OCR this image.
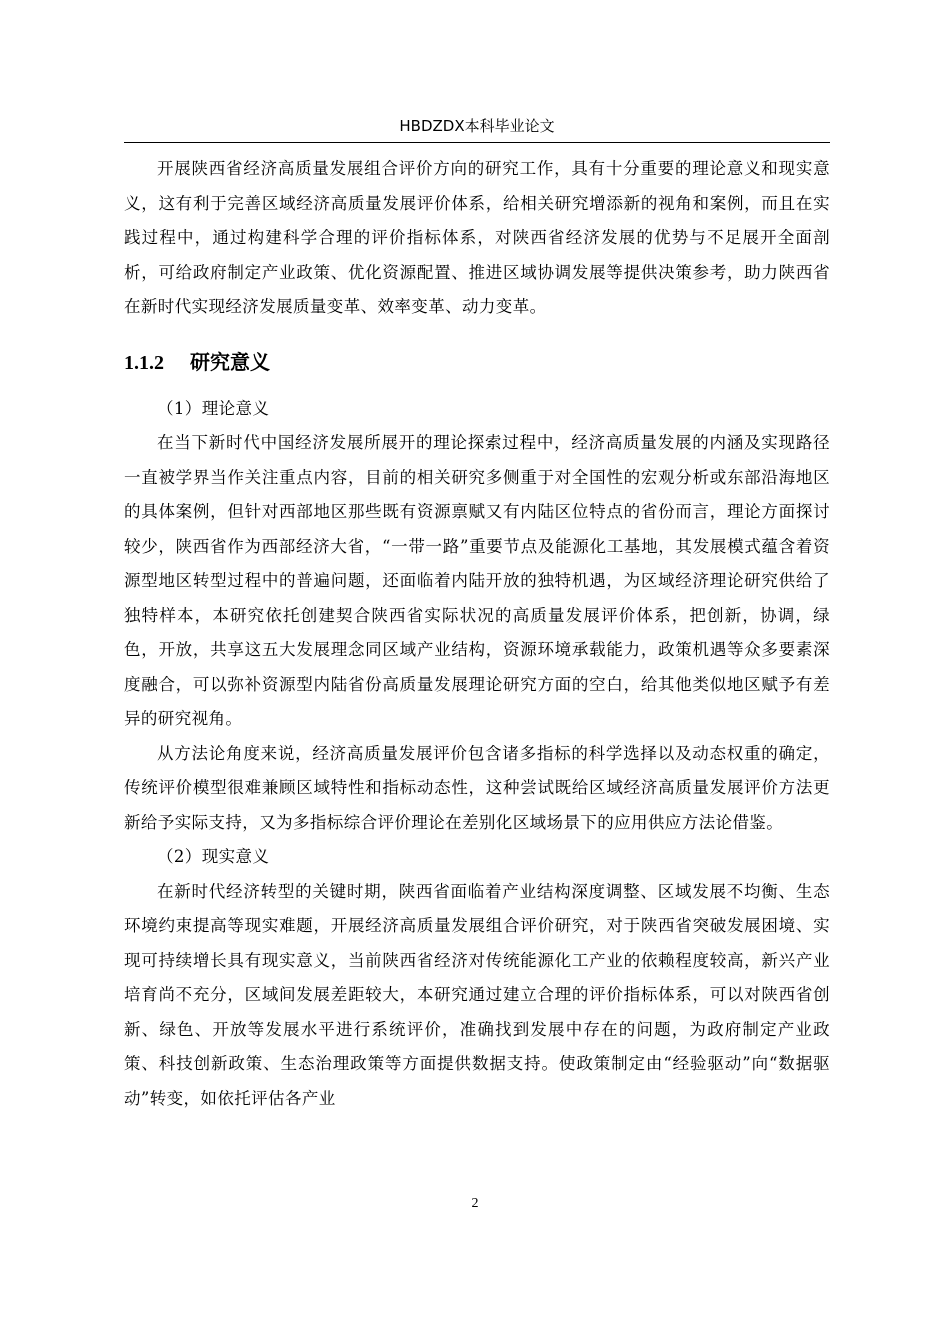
HBDZDX本科毕业论文

开展陕西省经济高质量发展组合评价方向的研究工作，具有十分重要的理论意义和现实意义，这有利于完善区域经济高质量发展评价体系，给相关研究增添新的视角和案例，而且在实践过程中，通过构建科学合理的评价指标体系，对陕西省经济发展的优势与不足展开全面剖析，可给政府制定产业政策、优化资源配置、推进区域协调发展等提供决策参考，助力陕西省在新时代实现经济发展质量变革、效率变革、动力变革。

1.1.2 研究意义

（1）理论意义

在当下新时代中国经济发展所展开的理论探索过程中，经济高质量发展的内涵及实现路径一直被学界当作关注重点内容，目前的相关研究多侧重于对全国性的宏观分析或东部沿海地区的具体案例，但针对西部地区那些既有资源禀赋又有内陆区位特点的省份而言，理论方面探讨较少，陕西省作为西部经济大省，“一带一路”重要节点及能源化工基地，其发展模式蕴含着资源型地区转型过程中的普遍问题，还面临着内陆开放的独特机遇，为区域经济理论研究供给了独特样本，本研究依托创建契合陕西省实际状况的高质量发展评价体系，把创新，协调，绿色，开放，共享这五大发展理念同区域产业结构，资源环境承载能力，政策机遇等众多要素深度融合，可以弥补资源型内陆省份高质量发展理论研究方面的空白，给其他类似地区赋予有差异的研究视角。

从方法论角度来说，经济高质量发展评价包含诸多指标的科学选择以及动态权重的确定，传统评价模型很难兼顾区域特性和指标动态性，这种尝试既给区域经济高质量发展评价方法更新给予实际支持，又为多指标综合评价理论在差别化区域场景下的应用供应方法论借鉴。

（2）现实意义

在新时代经济转型的关键时期，陕西省面临着产业结构深度调整、区域发展不均衡、生态环境约束提高等现实难题，开展经济高质量发展组合评价研究，对于陕西省突破发展困境、实现可持续增长具有现实意义，当前陕西省经济对传统能源化工产业的依赖程度较高，新兴产业培育尚不充分，区域间发展差距较大，本研究通过建立合理的评价指标体系，可以对陕西省创新、绿色、开放等发展水平进行系统评价，准确找到发展中存在的问题，为政府制定产业政策、科技创新政策、生态治理政策等方面提供数据支持。使政策制定由“经验驱动”向“数据驱动”转变，如依托评估各产业

2
